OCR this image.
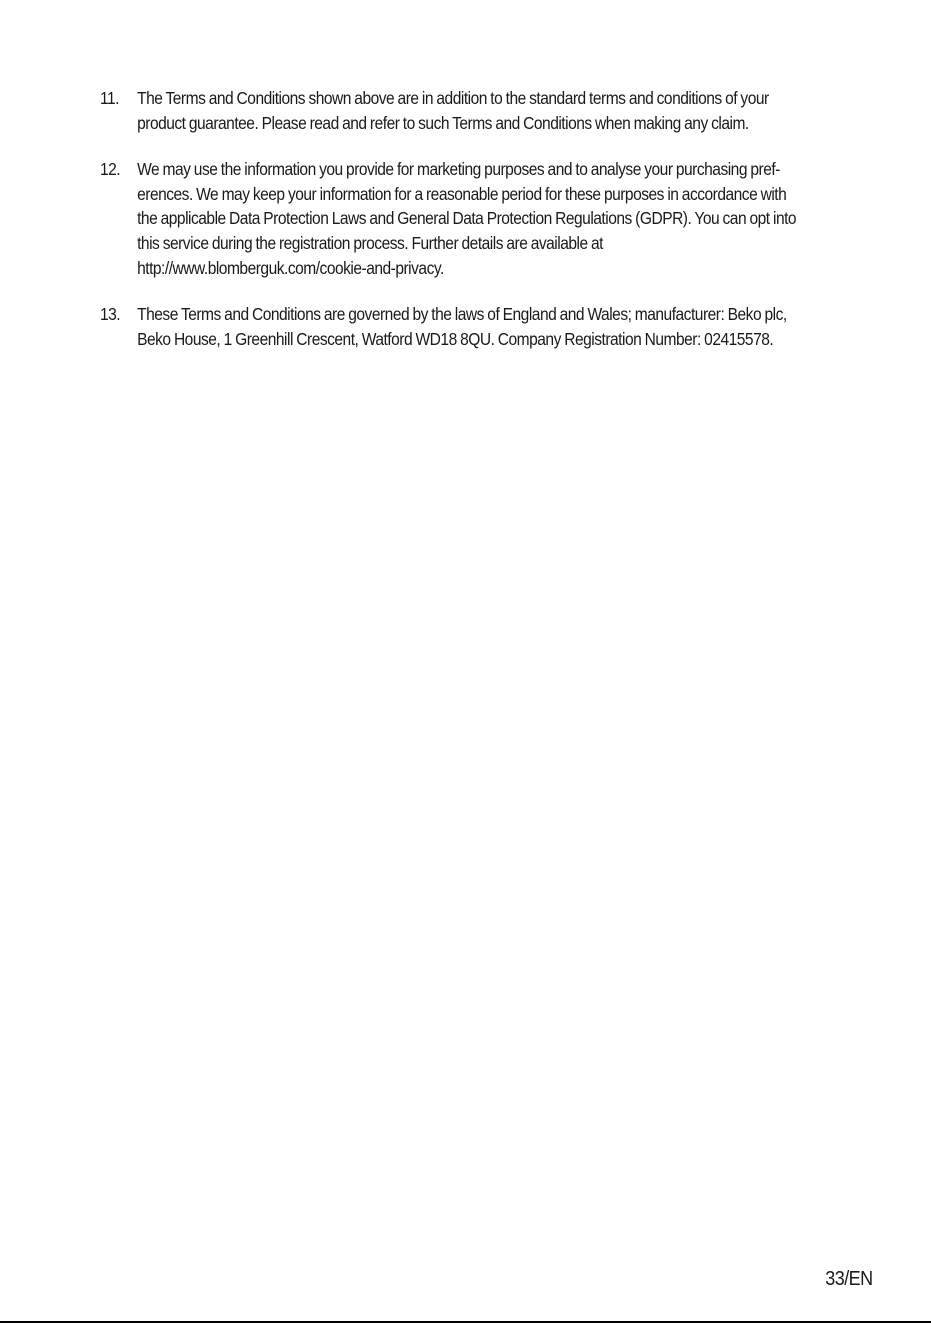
11. The Terms and Conditions shown above are in addition to the standard terms and conditions of your
product guarantee. Please read and refer to such Terms and Conditions when making any claim.
12. We may use the information you provide for marketing purposes and to analyse your purchasing pref-
erences. We may keep your information for a reasonable period for these purposes in accordance with
the applicable Data Protection Laws and General Data Protection Regulations (GDPR). You can opt into
this service during the registration process. Further details are available at
http://www.blomberguk.com/cookie-and-privacy.
13. These Terms and Conditions are governed by the laws of England and Wales; manufacturer: Beko plc,
Beko House, 1 Greenhill Crescent, Watford WD18 8QU. Company Registration Number: 02415578.
33/EN
